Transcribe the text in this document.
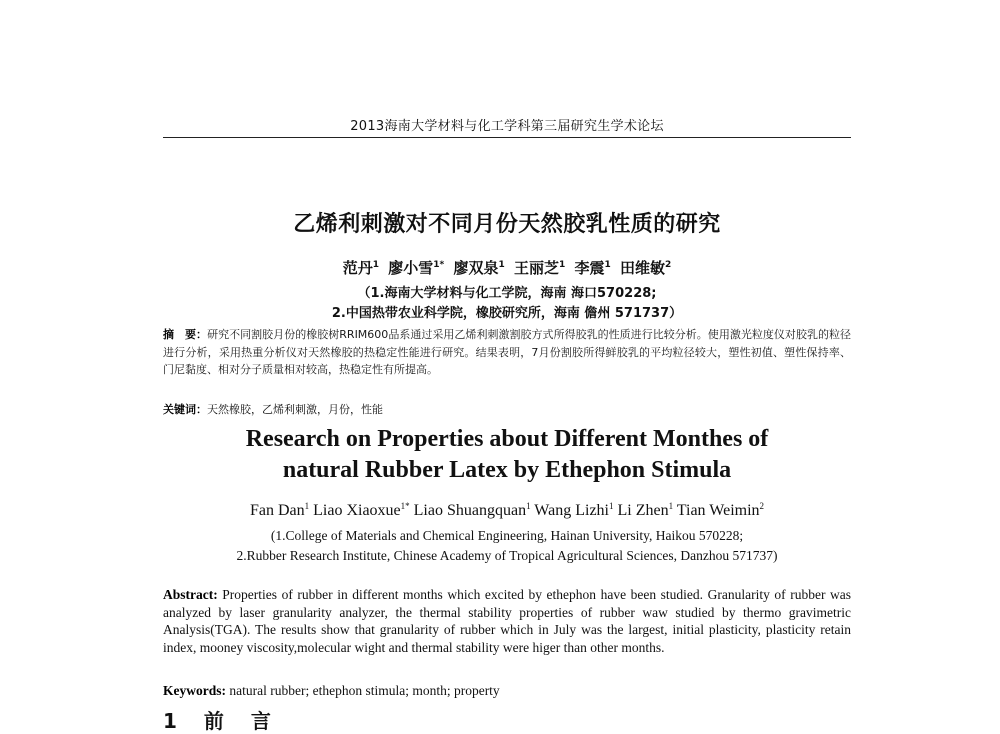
2013海南大学材料与化工学科第三届研究生学术论坛
乙烯利刺激对不同月份天然胶乳性质的研究
范丹$^1$ 廖小雪$^{1*}$ 廖双泉$^1$ 王丽芝$^1$ 李震$^1$ 田维敏$^2$
（1.海南大学材料与化工学院，海南 海口570228;
2.中国热带农业科学院，橡胶研究所，海南 儋州 571737）
摘　要：研究不同割胶月份的橡胶树RRIM600品系通过采用乙烯利刺激割胶方式所得胶乳的性质进行比较分析。使用激光粒度仪对胶乳的粒径进行分析，采用热重分析仪对天然橡胶的热稳定性能进行研究。结果表明，7月份割胶所得鲜胶乳的平均粒径较大，塑性初值、塑性保持率、门尼黏度、相对分子质量相对较高，热稳定性有所提高。
关键词：天然橡胶，乙烯利刺激，月份，性能
Research on Properties about Different Monthes of
natural Rubber Latex by Ethephon Stimula
Fan Dan$^1$ Liao Xiaoxue$^{1*}$ Liao Shuangquan$^1$ Wang Lizhi$^1$ Li Zhen$^1$ Tian Weimin$^2$
(1.College of Materials and Chemical Engineering, Hainan University, Haikou 570228;
2.Rubber Research Institute, Chinese Academy of Tropical Agricultural Sciences, Danzhou 571737)
Abstract: Properties of rubber in different months which excited by ethephon have been studied. Granularity of rubber was analyzed by laser granularity analyzer, the thermal stability properties of rubber waw studied by thermo gravimetric Analysis(TGA). The results show that granularity of rubber which in July was the largest, initial plasticity, plasticity retain index, mooney viscosity,molecular wight and thermal stability were higer than other months.
Keywords: natural rubber; ethephon stimula; month; property
1 前 言
